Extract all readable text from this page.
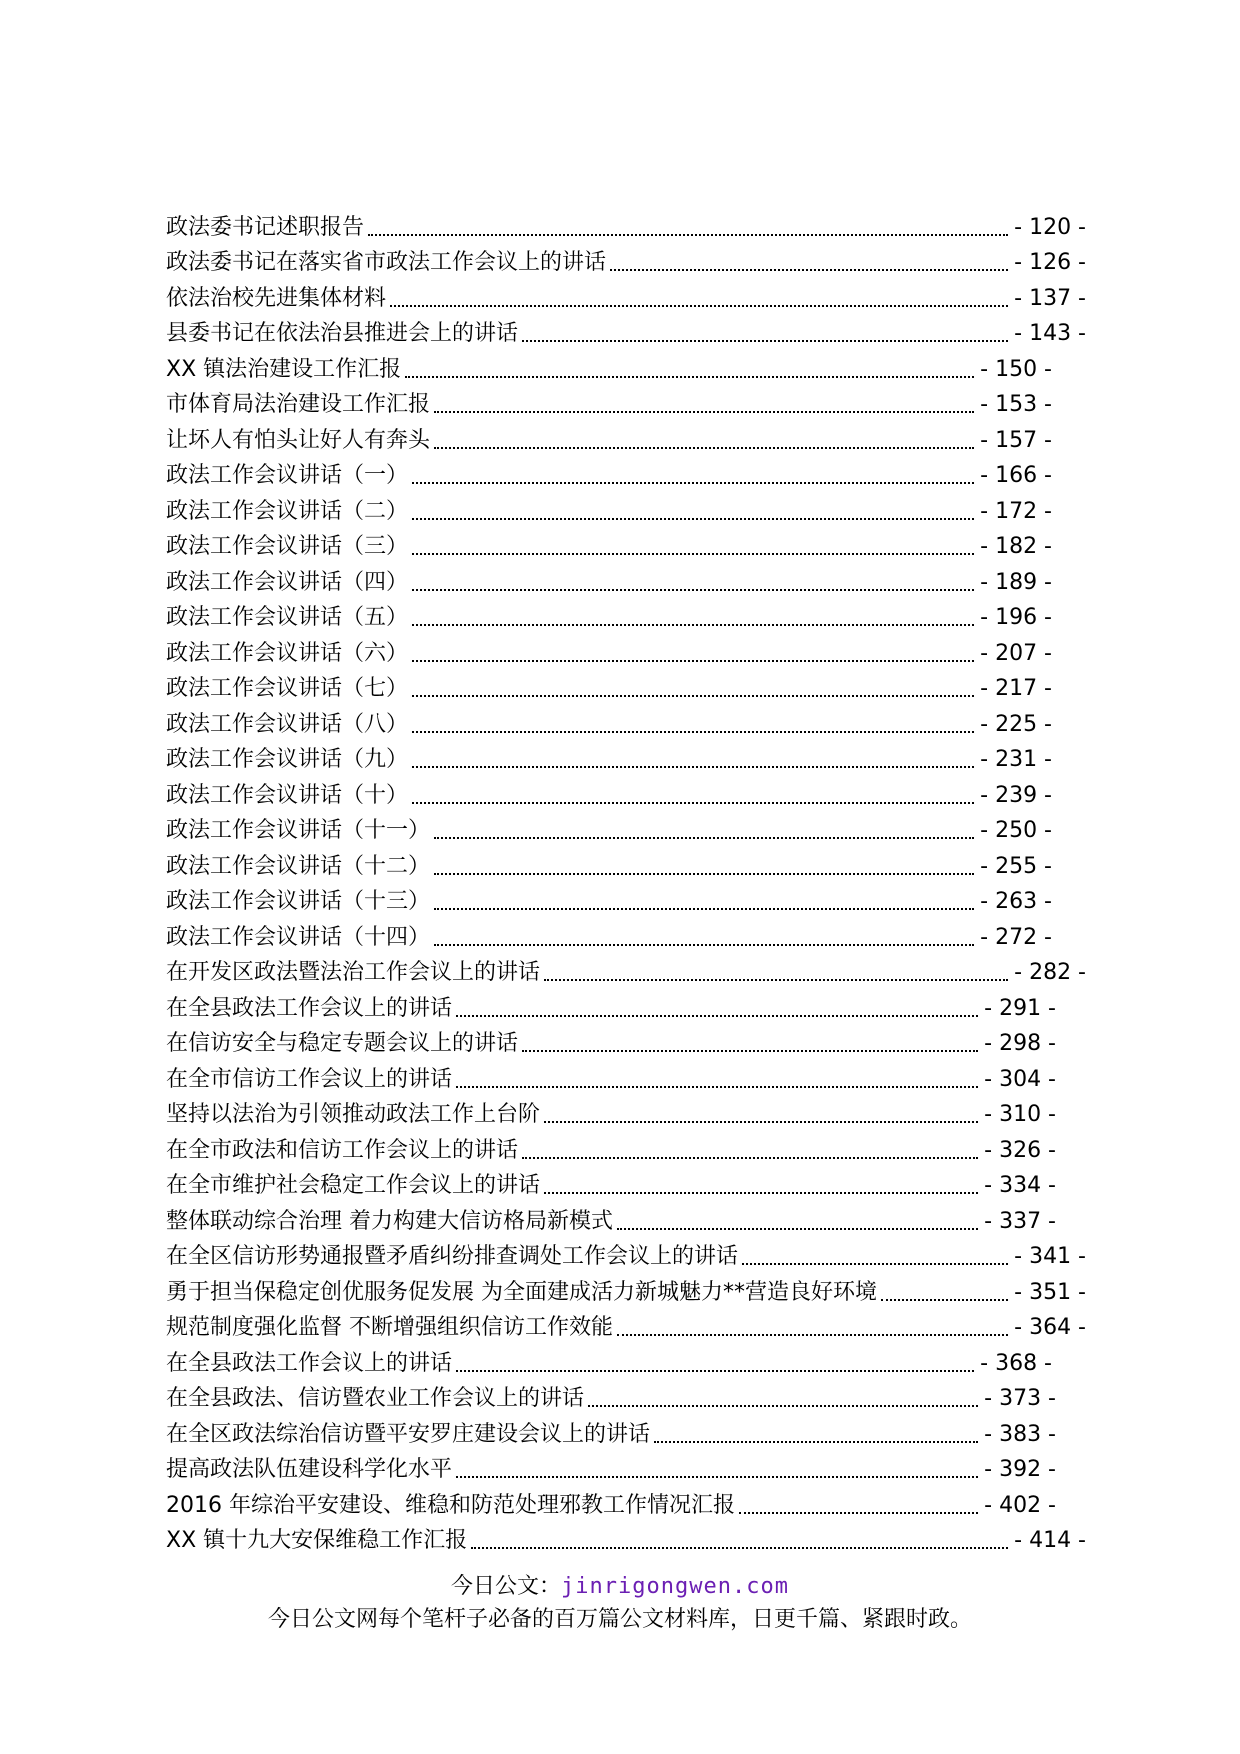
政法委书记述职报告	- 120 -
政法委书记在落实省市政法工作会议上的讲话	- 126 -
依法治校先进集体材料	- 137 -
县委书记在依法治县推进会上的讲话	- 143 -
XX 镇法治建设工作汇报	- 150 -
市体育局法治建设工作汇报	- 153 -
让坏人有怕头让好人有奔头	- 157 -
政法工作会议讲话（一）	- 166 -
政法工作会议讲话（二）	- 172 -
政法工作会议讲话（三）	- 182 -
政法工作会议讲话（四）	- 189 -
政法工作会议讲话（五）	- 196 -
政法工作会议讲话（六）	- 207 -
政法工作会议讲话（七）	- 217 -
政法工作会议讲话（八）	- 225 -
政法工作会议讲话（九）	- 231 -
政法工作会议讲话（十）	- 239 -
政法工作会议讲话（十一）	- 250 -
政法工作会议讲话（十二）	- 255 -
政法工作会议讲话（十三）	- 263 -
政法工作会议讲话（十四）	- 272 -
在开发区政法暨法治工作会议上的讲话	- 282 -
在全县政法工作会议上的讲话	- 291 -
在信访安全与稳定专题会议上的讲话	- 298 -
在全市信访工作会议上的讲话	- 304 -
坚持以法治为引领推动政法工作上台阶	- 310 -
在全市政法和信访工作会议上的讲话	- 326 -
在全市维护社会稳定工作会议上的讲话	- 334 -
整体联动综合治理 着力构建大信访格局新模式	- 337 -
在全区信访形势通报暨矛盾纠纷排查调处工作会议上的讲话	- 341 -
勇于担当保稳定创优服务促发展 为全面建成活力新城魅力**营造良好环境	- 351 -
规范制度强化监督 不断增强组织信访工作效能	- 364 -
在全县政法工作会议上的讲话	- 368 -
在全县政法、信访暨农业工作会议上的讲话	- 373 -
在全区政法综治信访暨平安罗庄建设会议上的讲话	- 383 -
提高政法队伍建设科学化水平	- 392 -
2016 年综治平安建设、维稳和防范处理邪教工作情况汇报	- 402 -
XX 镇十九大安保维稳工作汇报	- 414 -
今日公文：jinrigongwen.com
今日公文网每个笔杆子必备的百万篇公文材料库，日更千篇、紧跟时政。
